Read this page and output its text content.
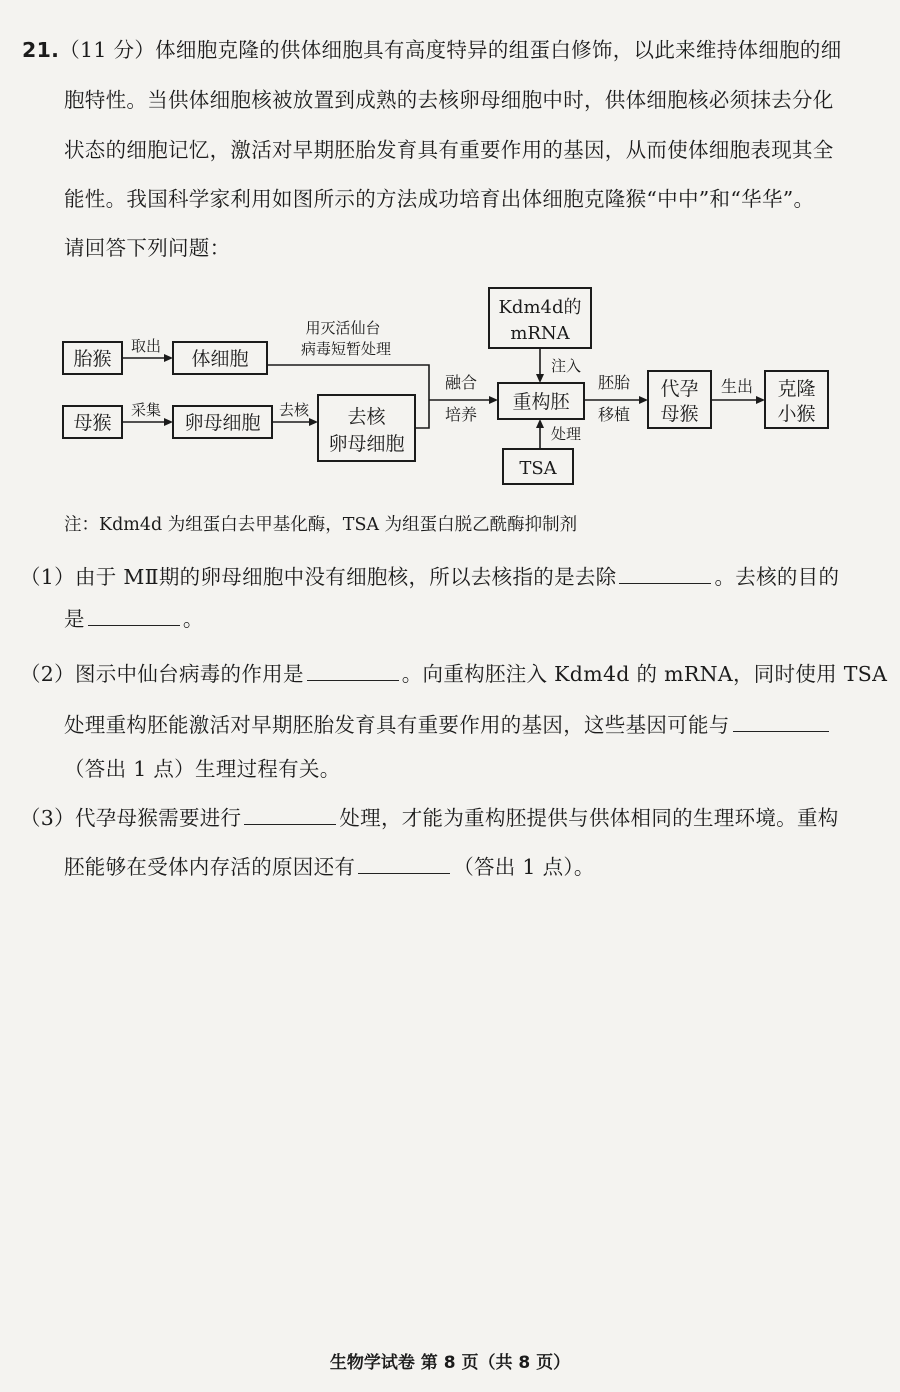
21.（11 分）体细胞克隆的供体细胞具有高度特异的组蛋白修饰，以此来维持体细胞的细
胞特性。当供体细胞核被放置到成熟的去核卵母细胞中时，供体细胞核必须抹去分化
状态的细胞记忆，激活对早期胚胎发育具有重要作用的基因，从而使体细胞表现其全
能性。我国科学家利用如图所示的方法成功培育出体细胞克隆猴“中中”和“华华”。
请回答下列问题：
胎猴	体细胞
母猴	卵母细胞	去核
卵母细胞
Kdm4d的
mRNA
重构胚
TSA
代孕
母猴
克隆
小猴
取出
采集	去核
用灭活仙台
病毒短暂处理
融合
培养
注入
处理
胚胎
移植
生出
注：Kdm4d 为组蛋白去甲基化酶，TSA 为组蛋白脱乙酰酶抑制剂
（1）由于 MⅡ期的卵母细胞中没有细胞核，所以去核指的是去除	。去核的目的
是	。
（2）图示中仙台病毒的作用是	。向重构胚注入 Kdm4d 的 mRNA，同时使用 TSA
处理重构胚能激活对早期胚胎发育具有重要作用的基因，这些基因可能与
（答出 1 点）生理过程有关。
（3）代孕母猴需要进行	处理，才能为重构胚提供与供体相同的生理环境。重构
胚能够在受体内存活的原因还有	（答出 1 点）。
生物学试卷 第 8 页（共 8 页）
